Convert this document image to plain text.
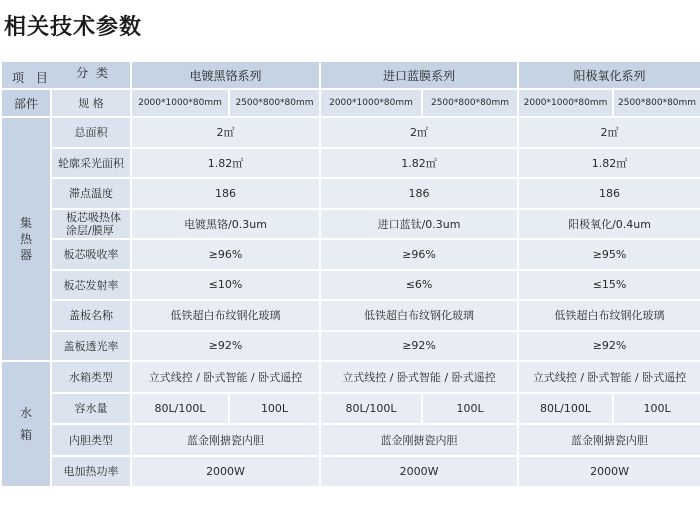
相关技术参数
分 类
项 目		电镀黑铬系列		进口蓝膜系列		阳极氧化系列	
部件	规 格	2000*1000*80mm	2500*800*80mm	2000*1000*80mm	2500*800*80mm	2000*1000*80mm	2500*800*80mm
集热器	总面积	2㎡		2㎡		2㎡	
	轮廓采光面积	1.82㎡		1.82㎡		1.82㎡	
	滞点温度	186		186		186	
	板芯吸热体涂层/膜厚	电镀黑铬/0.3um		进口蓝钛/0.3um		阳极氧化/0.4um	
	板芯吸收率	≥96%		≥96%		≥95%	
	板芯发射率	≤10%		≤6%		≤15%	
	盖板名称	低铁超白布纹钢化玻璃		低铁超白布纹钢化玻璃		低铁超白布纹钢化玻璃	
	盖板透光率	≥92%		≥92%		≥92%	
水箱	水箱类型	立式线控 / 卧式智能 / 卧式遥控		立式线控 / 卧式智能 / 卧式遥控		立式线控 / 卧式智能 / 卧式遥控	
	容水量	80L/100L	100L	80L/100L	100L	80L/100L	100L
	内胆类型	蓝金刚搪瓷内胆		蓝金刚搪瓷内胆		蓝金刚搪瓷内胆	
	电加热功率	2000W		2000W		2000W	
